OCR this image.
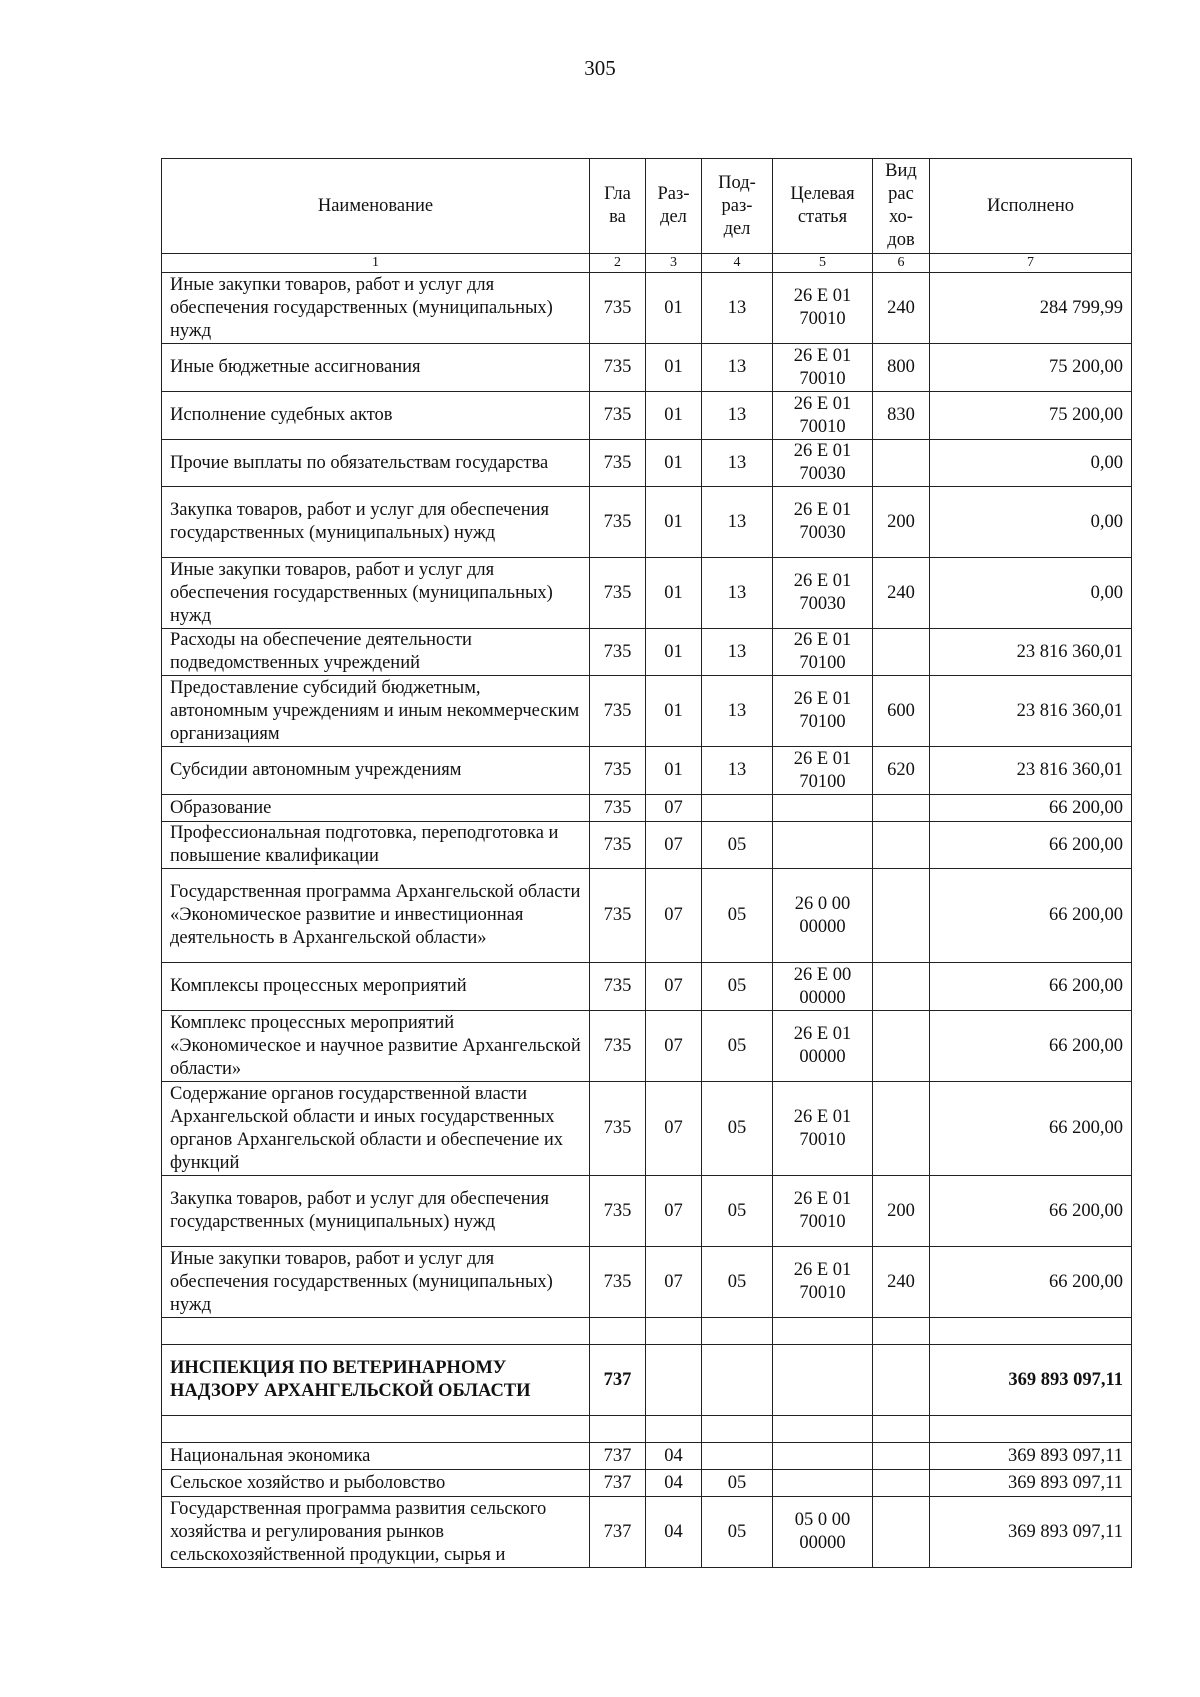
305
Наименование	Гла ва	Раз- дел	Под- раз- дел	Целевая статья	Вид рас хо- дов	Исполнено
1	2	3	4	5	6	7
Иные закупки товаров, работ и услуг для обеспечения государственных (муниципальных) нужд	735	01	13	26 Е 01 70010	240	284 799,99
Иные бюджетные ассигнования	735	01	13	26 Е 01 70010	800	75 200,00
Исполнение судебных актов	735	01	13	26 Е 01 70010	830	75 200,00
Прочие выплаты по обязательствам государства	735	01	13	26 Е 01 70030		0,00
Закупка товаров, работ и услуг для обеспечения государственных (муниципальных) нужд	735	01	13	26 Е 01 70030	200	0,00
Иные закупки товаров, работ и услуг для обеспечения государственных (муниципальных) нужд	735	01	13	26 Е 01 70030	240	0,00
Расходы на обеспечение деятельности подведомственных учреждений	735	01	13	26 Е 01 70100		23 816 360,01
Предоставление субсидий бюджетным, автономным учреждениям и иным некоммерческим организациям	735	01	13	26 Е 01 70100	600	23 816 360,01
Субсидии автономным учреждениям	735	01	13	26 Е 01 70100	620	23 816 360,01
Образование	735	07				66 200,00
Профессиональная подготовка, переподготовка и повышение квалификации	735	07	05			66 200,00
Государственная программа Архангельской области «Экономическое развитие и инвестиционная деятельность в Архангельской области»	735	07	05	26 0 00 00000		66 200,00
Комплексы процессных мероприятий	735	07	05	26 Е 00 00000		66 200,00
Комплекс процессных мероприятий «Экономическое и научное развитие Архангельской области»	735	07	05	26 Е 01 00000		66 200,00
Содержание органов государственной власти Архангельской области и иных государственных органов Архангельской области и обеспечение их функций	735	07	05	26 Е 01 70010		66 200,00
Закупка товаров, работ и услуг для обеспечения государственных (муниципальных) нужд	735	07	05	26 Е 01 70010	200	66 200,00
Иные закупки товаров, работ и услуг для обеспечения государственных (муниципальных) нужд	735	07	05	26 Е 01 70010	240	66 200,00

ИНСПЕКЦИЯ ПО ВЕТЕРИНАРНОМУ НАДЗОРУ АРХАНГЕЛЬСКОЙ ОБЛАСТИ	737					369 893 097,11

Национальная экономика	737	04				369 893 097,11
Сельское хозяйство и рыболовство	737	04	05			369 893 097,11
Государственная программа развития сельского хозяйства и регулирования рынков сельскохозяйственной продукции, сырья и	737	04	05	05 0 00 00000		369 893 097,11
